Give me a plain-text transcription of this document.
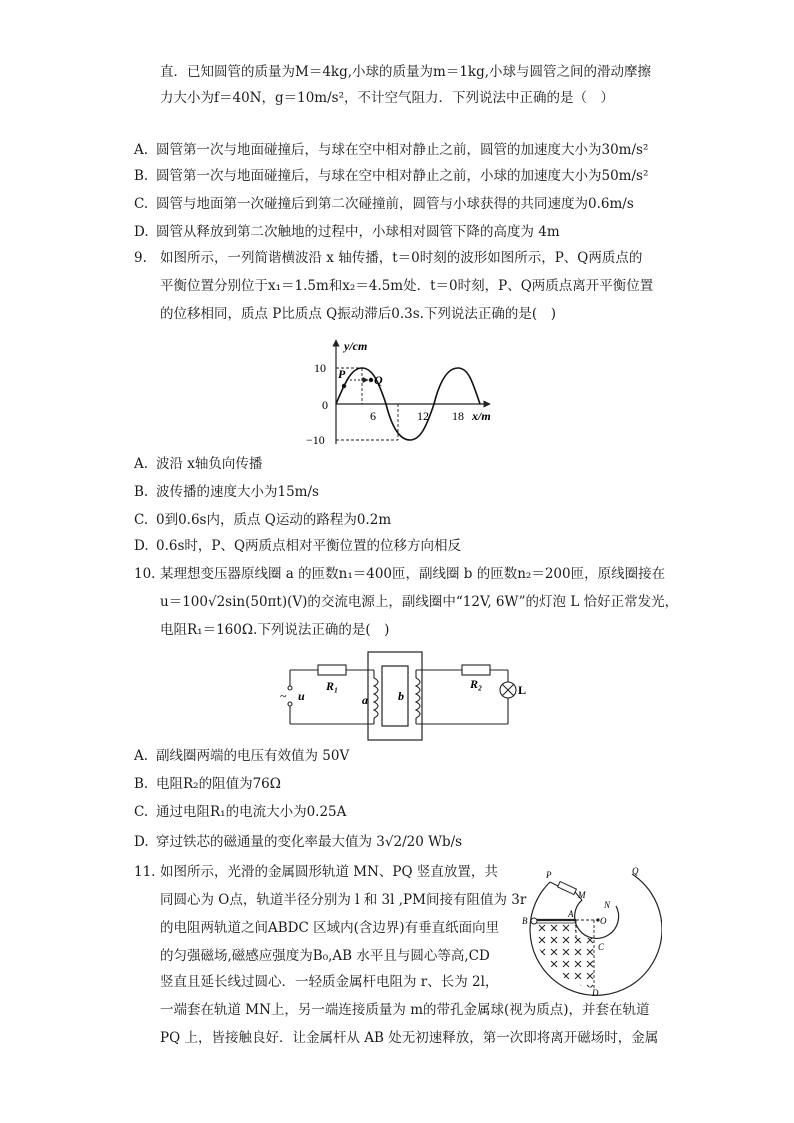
直．已知圆管的质量为M＝4kg,小球的质量为m＝1kg,小球与圆管之间的滑动摩擦
力大小为f＝40N，g＝10m/s²，不计空气阻力．下列说法中正确的是（　）
A. 圆管第一次与地面碰撞后，与球在空中相对静止之前，圆管的加速度大小为30m/s²
B. 圆管第一次与地面碰撞后，与球在空中相对静止之前，小球的加速度大小为50m/s²
C. 圆管与地面第一次碰撞后到第二次碰撞前，圆管与小球获得的共同速度为0.6m/s
D. 圆管从释放到第二次触地的过程中，小球相对圆管下降的高度为 4m
9. 如图所示，一列简谐横波沿 x 轴传播，t＝0时刻的波形如图所示，P、Q两质点的
平衡位置分别位于x₁＝1.5m和x₂＝4.5m处．t＝0时刻，P、Q两质点离开平衡位置
的位移相同，质点 P比质点 Q振动滞后0.3s.下列说法正确的是(　)
y/cm
10
0
−10
6	12 18 x/m
P Q
A. 波沿 x轴负向传播
B. 波传播的速度大小为15m/s
C. 0到0.6s内，质点 Q运动的路程为0.2m
D. 0.6s时，P、Q两质点相对平衡位置的位移方向相反
10. 某理想变压器原线圈 a 的匝数n₁＝400匝，副线圈 b 的匝数n₂＝200匝，原线圈接在
u＝100√2sin(50πt)(V)的交流电源上，副线圈中“12V, 6W”的灯泡 L 恰好正常发光，
电阻R₁＝160Ω.下列说法正确的是(　)
R₁	R₂
a	b
~ u	L
A. 副线圈两端的电压有效值为 50V
B. 电阻R₂的阻值为76Ω
C. 通过电阻R₁的电流大小为0.25A
D. 穿过铁芯的磁通量的变化率最大值为 3√2/20 Wb/s
11. 如图所示，光滑的金属圆形轨道 MN、PQ 竖直放置，共
同圆心为 O点，轨道半径分别为 l 和 3l ,PM间接有阻值为 3r
的电阻两轨道之间ABDC 区域内(含边界)有垂直纸面向里
的匀强磁场,磁感应强度为B₀,AB 水平且与圆心等高,CD
竖直且延长线过圆心．一轻质金属杆电阻为 r、长为 2l，
一端套在轨道 MN上，另一端连接质量为 m的带孔金属球(视为质点)，并套在轨道
PQ 上，皆接触良好．让金属杆从 AB 处无初速释放，第一次即将离开磁场时，金属
P
M
N
Q
B
A
O
C
D
